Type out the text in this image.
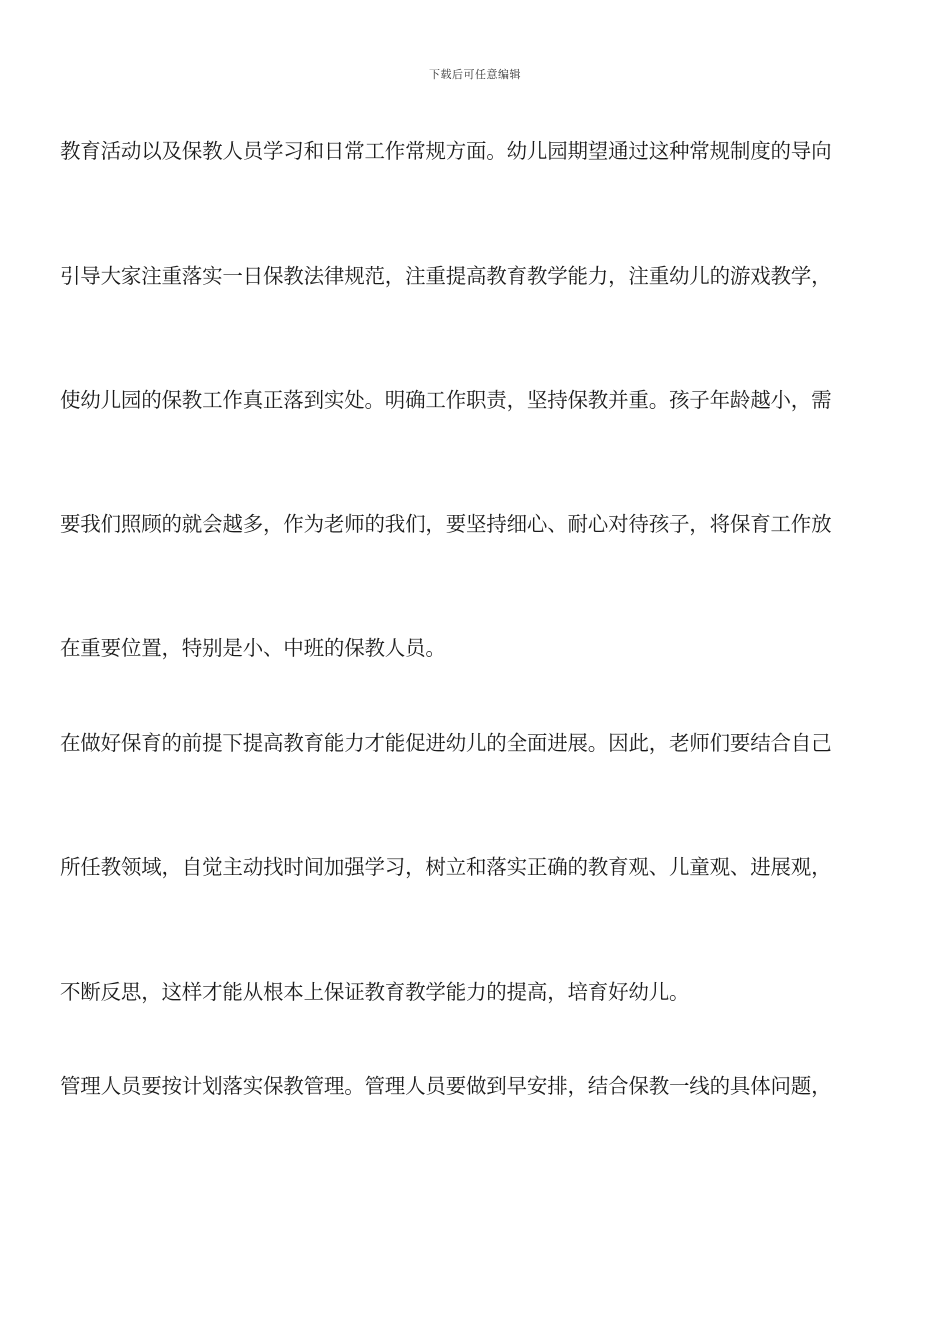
下载后可任意编辑
教育活动以及保教人员学习和日常工作常规方面。幼儿园期望通过这种常规制度的导向
引导大家注重落实一日保教法律规范，注重提高教育教学能力，注重幼儿的游戏教学，
使幼儿园的保教工作真正落到实处。明确工作职责，坚持保教并重。孩子年龄越小，需
要我们照顾的就会越多，作为老师的我们，要坚持细心、耐心对待孩子，将保育工作放
在重要位置，特别是小、中班的保教人员。
在做好保育的前提下提高教育能力才能促进幼儿的全面进展。因此，老师们要结合自己
所任教领域，自觉主动找时间加强学习，树立和落实正确的教育观、儿童观、进展观，
不断反思，这样才能从根本上保证教育教学能力的提高，培育好幼儿。
管理人员要按计划落实保教管理。管理人员要做到早安排，结合保教一线的具体问题，
